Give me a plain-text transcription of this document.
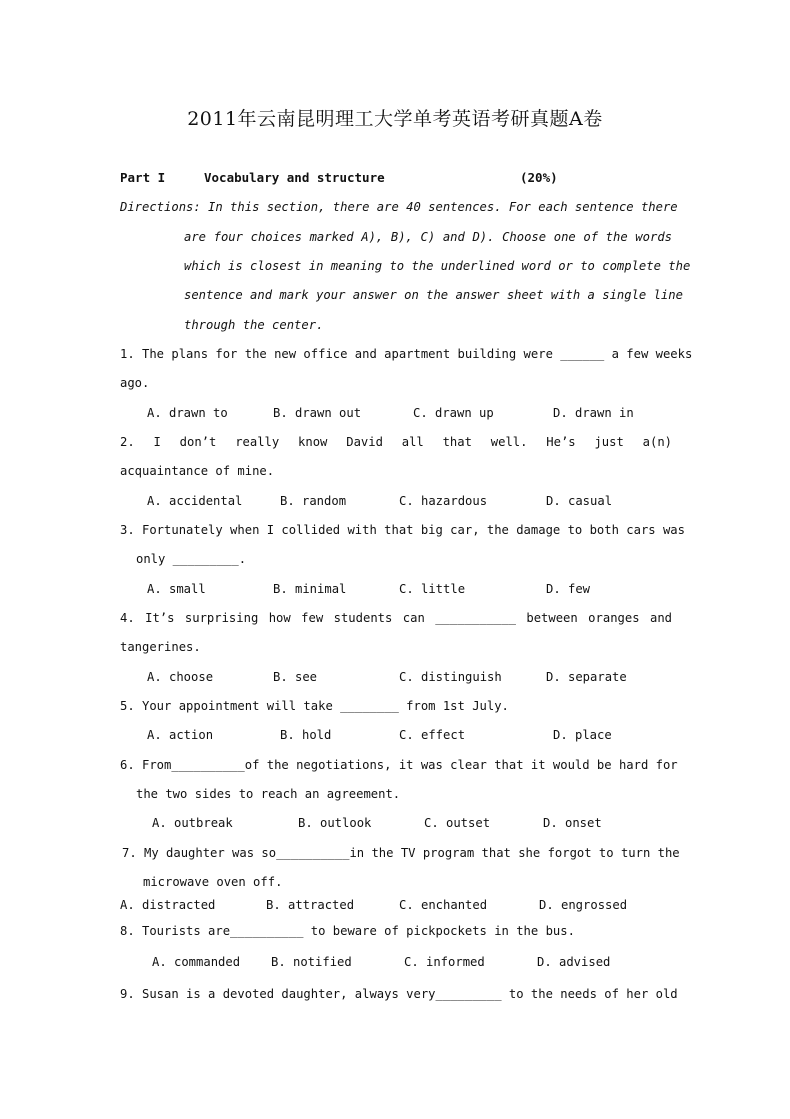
2011年云南昆明理工大学单考英语考研真题A卷
Part I	Vocabulary and structure	(20%)
Directions: In this section, there are 40 sentences. For each sentence there
are four choices marked A), B), C) and D). Choose one of the words
which is closest in meaning to the underlined word or to complete the
sentence and mark your answer on the answer sheet with a single line
through the center.
1. The plans for the new office and apartment building were ______ a few weeks
ago.
A. drawn to	B. drawn out	C. drawn up	D. drawn in
2. I don’t really know David all that well. He’s just a(n)
acquaintance of mine.
A. accidental	B. random	C. hazardous	D. casual
3. Fortunately when I collided with that big car, the damage to both cars was
only _________.
A. small	B. minimal	C. little	D. few
4. It’s surprising how few students can ___________ between oranges and
tangerines.
A. choose	B. see	C. distinguish	D. separate
5. Your appointment will take ________ from 1st July.
A. action	B. hold	C. effect	D. place
6. From__________of the negotiations, it was clear that it would be hard for
the two sides to reach an agreement.
A. outbreak	B. outlook	C. outset	D. onset
7. My daughter was so__________in the TV program that she forgot to turn the
microwave oven off.
A. distracted	B. attracted	C. enchanted	D. engrossed
8. Tourists are__________ to beware of pickpockets in the bus.
A. commanded	B. notified	C. informed	D. advised
9. Susan is a devoted daughter, always very_________ to the needs of her old
